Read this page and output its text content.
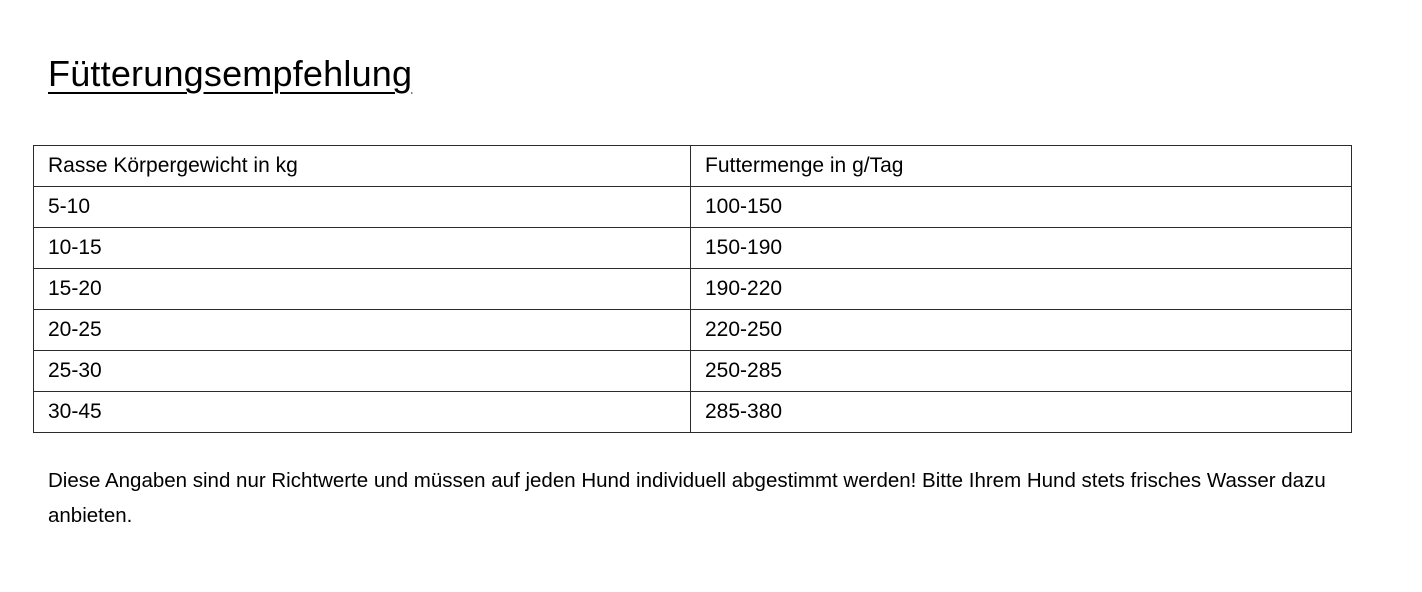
Fütterungsempfehlung
Rasse Körpergewicht in kg	Futtermenge in g/Tag
5-10	100-150
10-15	150-190
15-20	190-220
20-25	220-250
25-30	250-285
30-45	285-380
Diese Angaben sind nur Richtwerte und müssen auf jeden Hund individuell abgestimmt werden! Bitte Ihrem Hund stets frisches Wasser dazu anbieten.
